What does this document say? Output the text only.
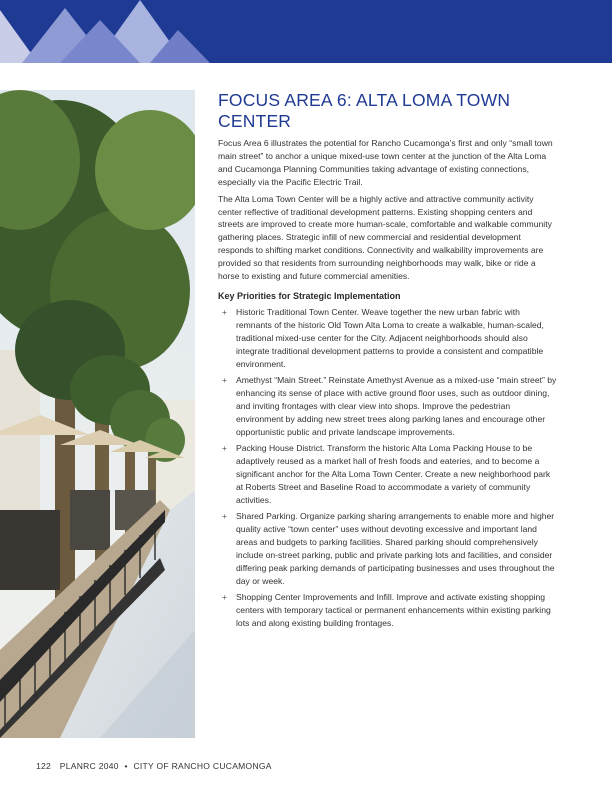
FOCUS AREA 6: ALTA LOMA TOWN CENTER

Focus Area 6 illustrates the potential for Rancho Cucamonga’s first and only “small town main street” to anchor a unique mixed-use town center at the junction of the Alta Loma and Cucamonga Planning Communities taking advantage of existing connections, especially via the Pacific Electric Trail.

The Alta Loma Town Center will be a highly active and attractive community activity center reflective of traditional development patterns. Existing shopping centers and streets are improved to create more human-scale, comfortable and walkable community gathering places. Strategic infill of new commercial and residential development responds to shifting market conditions. Connectivity and walkability improvements are provided so that residents from surrounding neighborhoods may walk, bike or ride a horse to existing and future commercial amenities.

Key Priorities for Strategic Implementation
+ Historic Traditional Town Center. Weave together the new urban fabric with remnants of the historic Old Town Alta Loma to create a walkable, human-scaled, traditional mixed-use center for the City. Adjacent neighborhoods should also integrate traditional development patterns to provide a consistent and compatible environment.
+ Amethyst “Main Street.” Reinstate Amethyst Avenue as a mixed-use “main street” by enhancing its sense of place with active ground floor uses, such as outdoor dining, and inviting frontages with clear view into shops. Improve the pedestrian environment by adding new street trees along parking lanes and encourage other opportunistic public and private landscape improvements.
+ Packing House District. Transform the historic Alta Loma Packing House to be adaptively reused as a market hall of fresh foods and eateries, and to become a significant anchor for the Alta Loma Town Center. Create a new neighborhood park at Roberts Street and Baseline Road to accommodate a variety of community activities.
+ Shared Parking. Organize parking sharing arrangements to enable more and higher quality active “town center” uses without devoting excessive and important land areas and budgets to parking facilities. Shared parking should comprehensively include on-street parking, public and private parking lots and facilities, and consider differing peak parking demands of participating businesses and uses throughout the day or week.
+ Shopping Center Improvements and Infill. Improve and activate existing shopping centers with temporary tactical or permanent enhancements within existing parking lots and along existing building frontages.
122 PLANRC 2040 • CITY OF RANCHO CUCAMONGA
